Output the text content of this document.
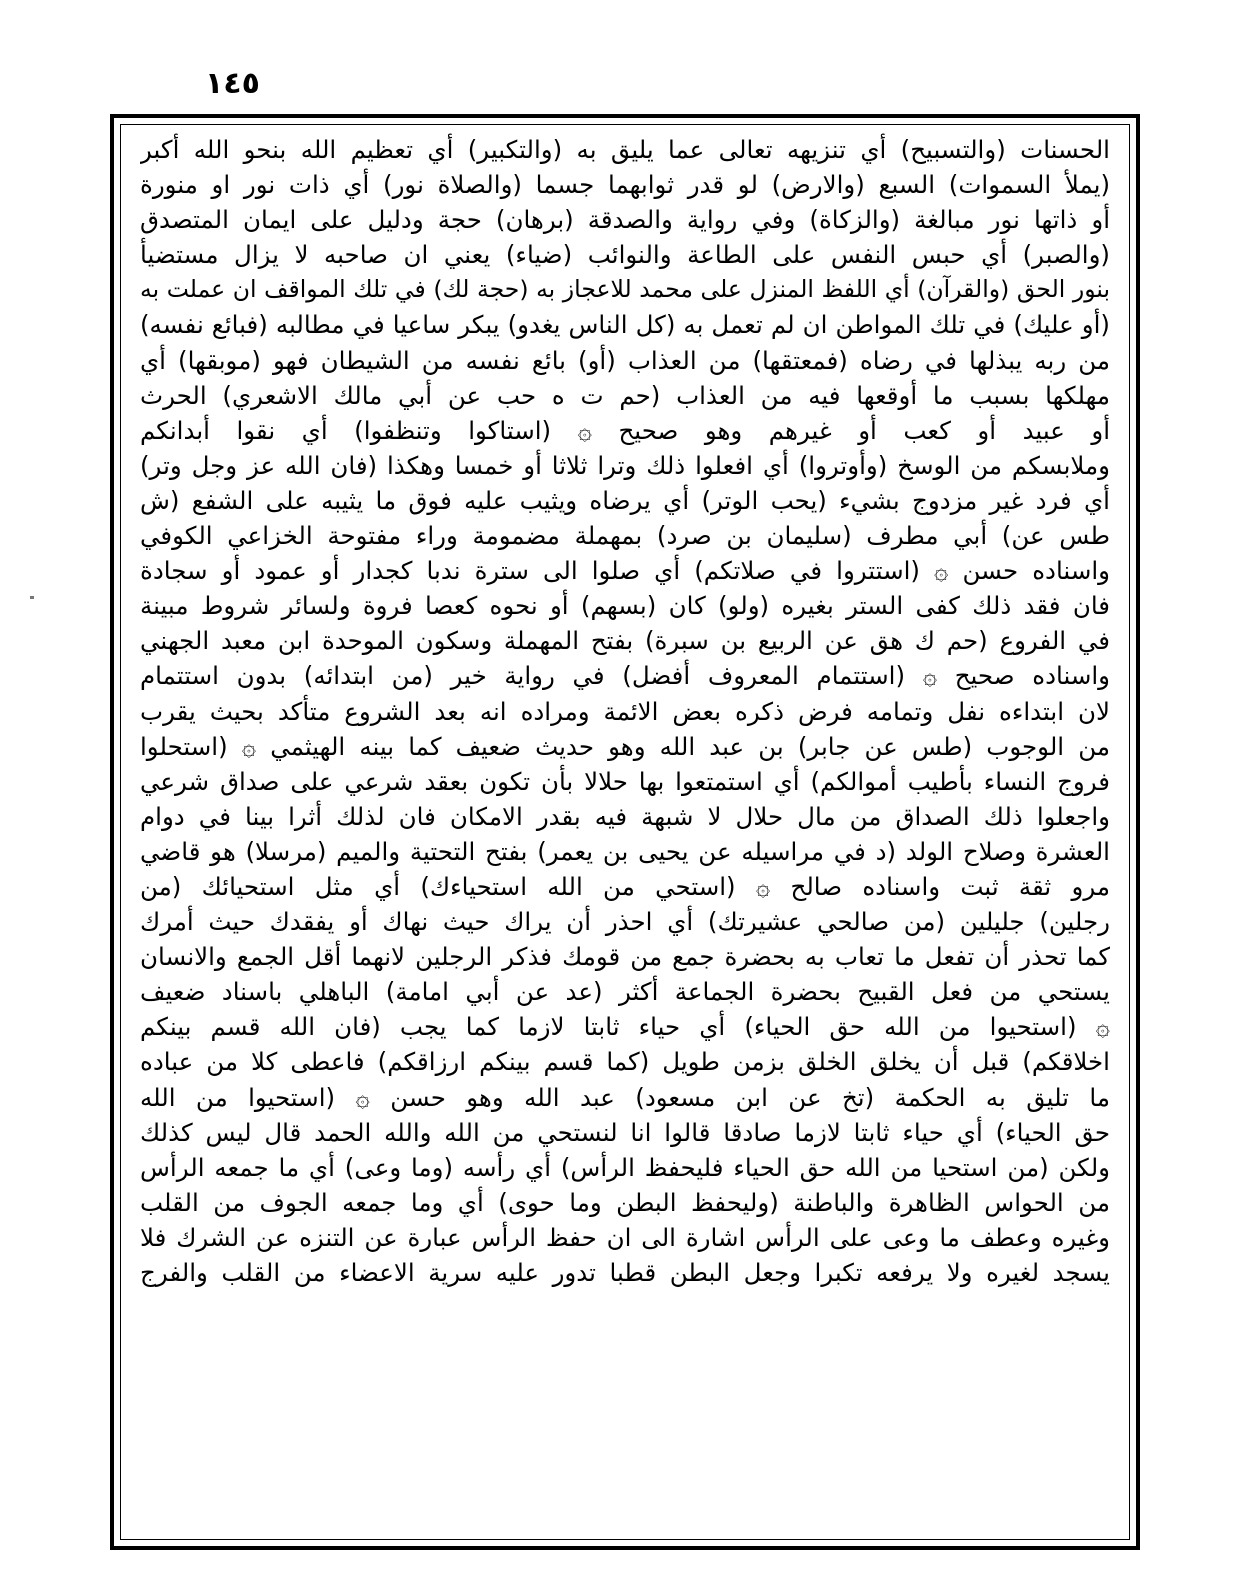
١٤٥
الحسنات (والتسبيح) أي تنزيهه تعالى عما يليق به (والتكبير) أي تعظيم الله بنحو الله أكبر
(يملأ السموات) السبع (والارض) لو قدر ثوابهما جسما (والصلاة نور) أي ذات نور او منورة
أو ذاتها نور مبالغة (والزكاة) وفي رواية والصدقة (برهان) حجة ودليل على ايمان المتصدق
(والصبر) أي حبس النفس على الطاعة والنوائب (ضياء) يعني ان صاحبه لا يزال مستضيأ
بنور الحق (والقرآن) أي اللفظ المنزل على محمد للاعجاز به (حجة لك) في تلك المواقف ان عملت به
(أو عليك) في تلك المواطن ان لم تعمل به (كل الناس يغدو) يبكر ساعيا في مطالبه (فبائع نفسه)
من ربه يبذلها في رضاه (فمعتقها) من العذاب (أو) بائع نفسه من الشيطان فهو (موبقها) أي
مهلكها بسبب ما أوقعها فيه من العذاب (حم ت ه حب عن أبي مالك الاشعري) الحرث
أو عبيد أو كعب أو غيرهم وهو صحيح ۞ (استاكوا وتنظفوا) أي نقوا أبدانكم
وملابسكم من الوسخ (وأوتروا) أي افعلوا ذلك وترا ثلاثا أو خمسا وهكذا (فان الله عز وجل وتر)
أي فرد غير مزدوج بشيء (يحب الوتر) أي يرضاه ويثيب عليه فوق ما يثيبه على الشفع (ش
طس عن) أبي مطرف (سليمان بن صرد) بمهملة مضمومة وراء مفتوحة الخزاعي الكوفي
واسناده حسن ۞ (استتروا في صلاتكم) أي صلوا الى سترة ندبا كجدار أو عمود أو سجادة
فان فقد ذلك كفى الستر بغيره (ولو) كان (بسهم) أو نحوه كعصا فروة ولسائر شروط مبينة
في الفروع (حم ك هق عن الربيع بن سبرة) بفتح المهملة وسكون الموحدة ابن معبد الجهني
واسناده صحيح ۞ (استتمام المعروف أفضل) في رواية خير (من ابتدائه) بدون استتمام
لان ابتداءه نفل وتمامه فرض ذكره بعض الائمة ومراده انه بعد الشروع متأكد بحيث يقرب
من الوجوب (طس عن جابر) بن عبد الله وهو حديث ضعيف كما بينه الهيثمي ۞ (استحلوا
فروج النساء بأطيب أموالكم) أي استمتعوا بها حلالا بأن تكون بعقد شرعي على صداق شرعي
واجعلوا ذلك الصداق من مال حلال لا شبهة فيه بقدر الامكان فان لذلك أثرا بينا في دوام
العشرة وصلاح الولد (د في مراسيله عن يحيى بن يعمر) بفتح التحتية والميم (مرسلا) هو قاضي
مرو ثقة ثبت واسناده صالح ۞ (استحي من الله استحياءك) أي مثل استحيائك (من
رجلين) جليلين (من صالحي عشيرتك) أي احذر أن يراك حيث نهاك أو يفقدك حيث أمرك
كما تحذر أن تفعل ما تعاب به بحضرة جمع من قومك فذكر الرجلين لانهما أقل الجمع والانسان
يستحي من فعل القبيح بحضرة الجماعة أكثر (عد عن أبي امامة) الباهلي باسناد ضعيف
۞ (استحيوا من الله حق الحياء) أي حياء ثابتا لازما كما يجب (فان الله قسم بينكم
اخلاقكم) قبل أن يخلق الخلق بزمن طويل (كما قسم بينكم ارزاقكم) فاعطى كلا من عباده
ما تليق به الحكمة (تخ عن ابن مسعود) عبد الله وهو حسن ۞ (استحيوا من الله
حق الحياء) أي حياء ثابتا لازما صادقا قالوا انا لنستحي من الله والله الحمد قال ليس كذلك
ولكن (من استحيا من الله حق الحياء فليحفظ الرأس) أي رأسه (وما وعى) أي ما جمعه الرأس
من الحواس الظاهرة والباطنة (وليحفظ البطن وما حوى) أي وما جمعه الجوف من القلب
وغيره وعطف ما وعى على الرأس اشارة الى ان حفظ الرأس عبارة عن التنزه عن الشرك فلا
يسجد لغيره ولا يرفعه تكبرا وجعل البطن قطبا تدور عليه سرية الاعضاء من القلب والفرج
